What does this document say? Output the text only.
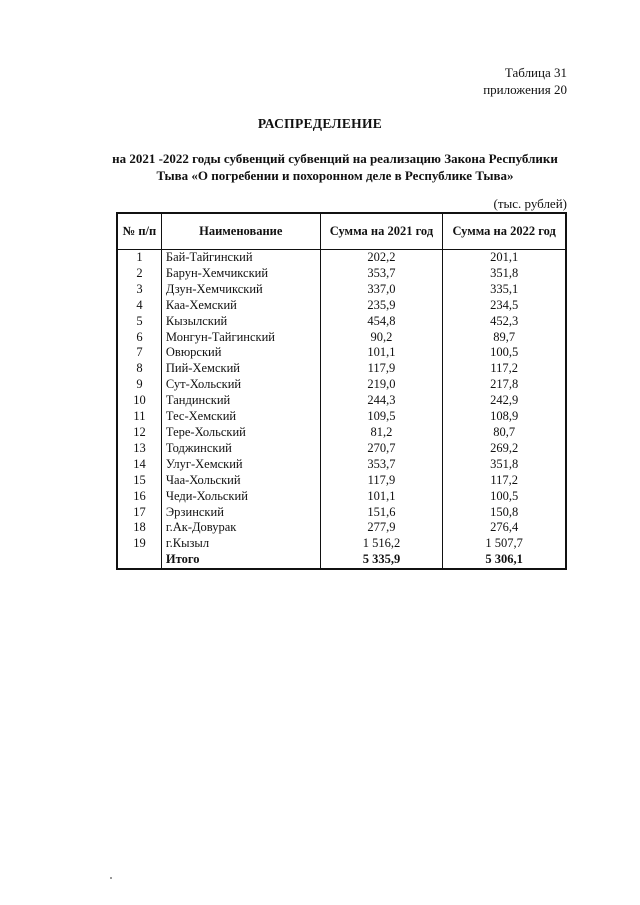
Таблица 31
приложения 20
РАСПРЕДЕЛЕНИЕ
на 2021 -2022 годы субвенций субвенций на реализацию Закона Республики
Тыва «О погребении и похоронном деле в Республике Тыва»
(тыс. рублей)
№ п/п	Наименование	Сумма на 2021 год	Сумма на 2022 год
1	Бай-Тайгинский	202,2	201,1
2	Барун-Хемчикский	353,7	351,8
3	Дзун-Хемчикский	337,0	335,1
4	Каа-Хемский	235,9	234,5
5	Кызылский	454,8	452,3
6	Монгун-Тайгинский	90,2	89,7
7	Овюрский	101,1	100,5
8	Пий-Хемский	117,9	117,2
9	Сут-Хольский	219,0	217,8
10	Тандинский	244,3	242,9
11	Тес-Хемский	109,5	108,9
12	Тере-Хольский	81,2	80,7
13	Тоджинский	270,7	269,2
14	Улуг-Хемский	353,7	351,8
15	Чаа-Хольский	117,9	117,2
16	Чеди-Хольский	101,1	100,5
17	Эрзинский	151,6	150,8
18	г.Ак-Довурак	277,9	276,4
19	г.Кызыл	1 516,2	1 507,7
	Итого	5 335,9	5 306,1
